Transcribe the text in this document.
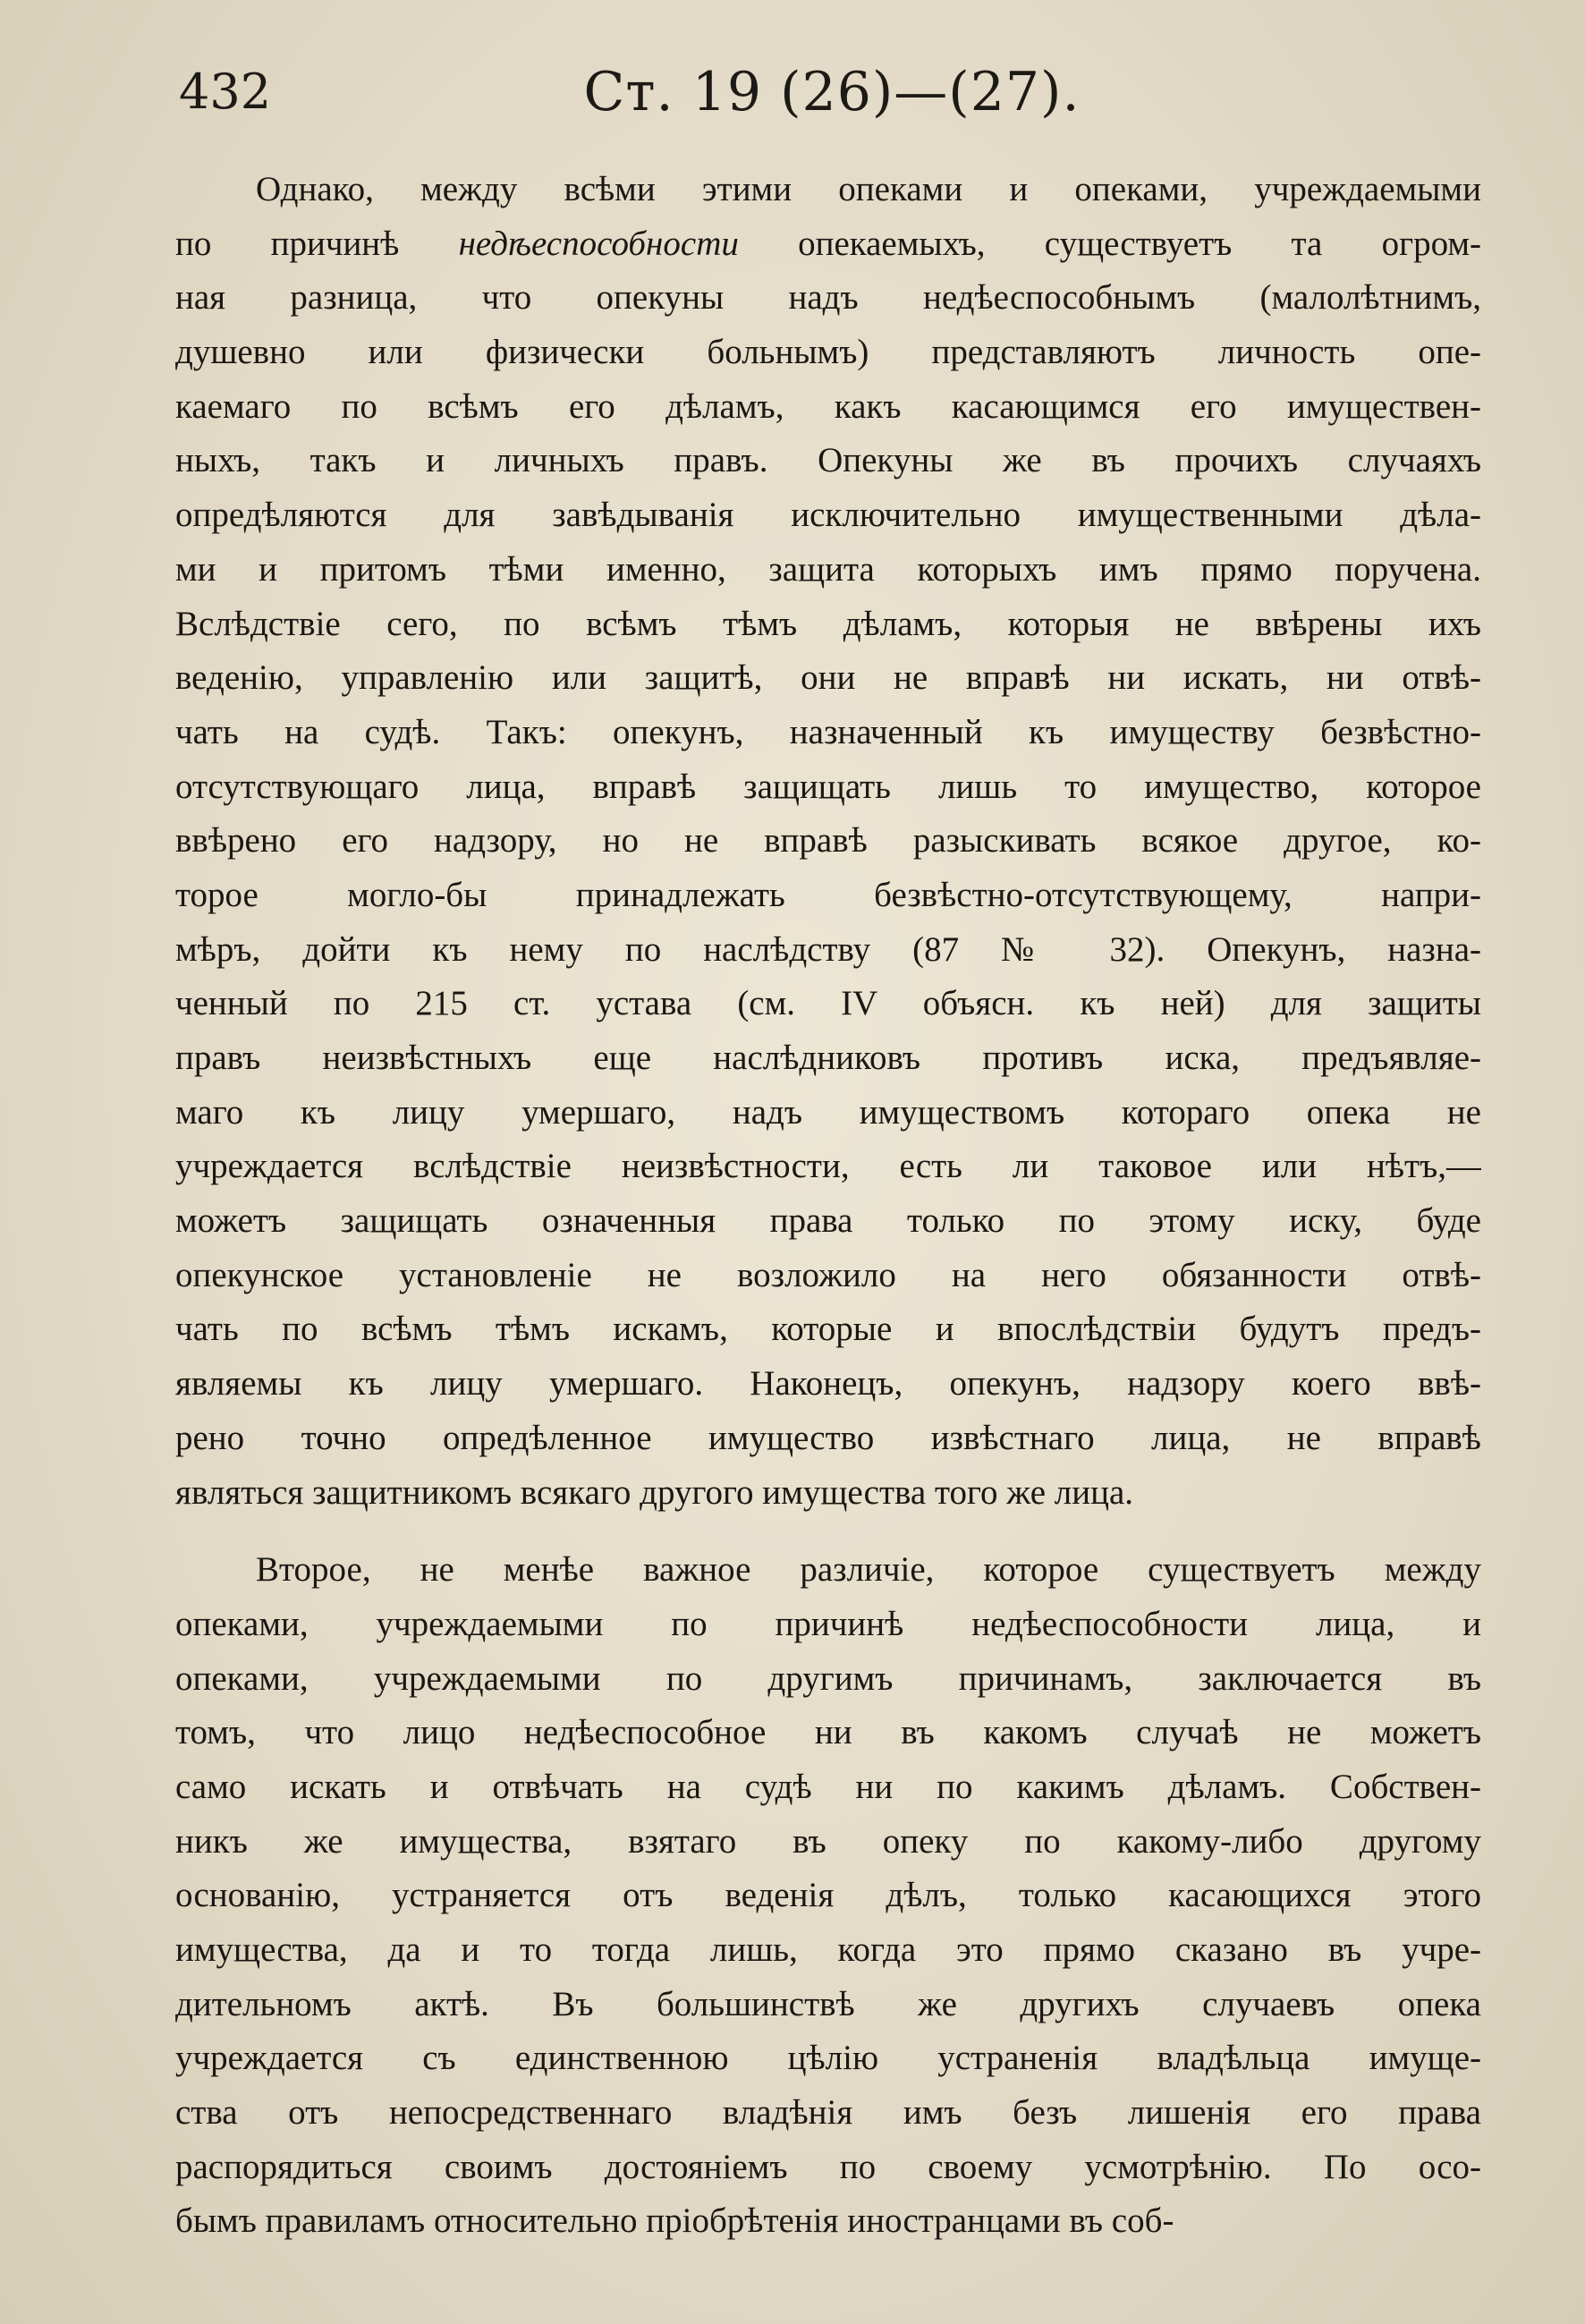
432	Ст. 19 (26)—(27).
Однако, между всѣми этими опеками и опеками, учреждаемыми
по причинѣ недѣеспособности опекаемыхъ, существуетъ та огром-
ная разница, что опекуны надъ недѣеспособнымъ (малолѣтнимъ,
душевно или физически больнымъ) представляютъ личность опе-
каемаго по всѣмъ его дѣламъ, какъ касающимся его имуществен-
ныхъ, такъ и личныхъ правъ. Опекуны же въ прочихъ случаяхъ
опредѣляются для завѣдыванія исключительно имущественными дѣла-
ми и притомъ тѣми именно, защита которыхъ имъ прямо поручена.
Вслѣдствіе сего, по всѣмъ тѣмъ дѣламъ, которыя не ввѣрены ихъ
веденію, управленію или защитѣ, они не вправѣ ни искать, ни отвѣ-
чать на судѣ. Такъ: опекунъ, назначенный къ имуществу безвѣстно-
отсутствующаго лица, вправѣ защищать лишь то имущество, которое
ввѣрено его надзору, но не вправѣ разыскивать всякое другое, ко-
торое могло-бы принадлежать безвѣстно-отсутствующему, напри-
мѣръ, дойти къ нему по наслѣдству (87 № 32). Опекунъ, назна-
ченный по 215 ст. устава (см. IV объясн. къ ней) для защиты
правъ неизвѣстныхъ еще наслѣдниковъ противъ иска, предъявляе-
маго къ лицу умершаго, надъ имуществомъ котораго опека не
учреждается вслѣдствіе неизвѣстности, есть ли таковое или нѣтъ,—
можетъ защищать означенныя права только по этому иску, буде
опекунское установленіе не возложило на него обязанности отвѣ-
чать по всѣмъ тѣмъ искамъ, которые и впослѣдствіи будутъ предъ-
являемы къ лицу умершаго. Наконецъ, опекунъ, надзору коего ввѣ-
рено точно опредѣленное имущество извѣстнаго лица, не вправѣ
являться защитникомъ всякаго другого имущества того же лица.
Второе, не менѣе важное различіе, которое существуетъ между
опеками, учреждаемыми по причинѣ недѣеспособности лица, и
опеками, учреждаемыми по другимъ причинамъ, заключается въ
томъ, что лицо недѣеспособное ни въ какомъ случаѣ не можетъ
само искать и отвѣчать на судѣ ни по какимъ дѣламъ. Собствен-
никъ же имущества, взятаго въ опеку по какому-либо другому
основанію, устраняется отъ веденія дѣлъ, только касающихся этого
имущества, да и то тогда лишь, когда это прямо сказано въ учре-
дительномъ актѣ. Въ большинствѣ же другихъ случаевъ опека
учреждается съ единственною цѣлію устраненія владѣльца имуще-
ства отъ непосредственнаго владѣнія имъ безъ лишенія его права
распорядиться своимъ достояніемъ по своему усмотрѣнію. По осо-
бымъ правиламъ относительно пріобрѣтенія иностранцами въ соб-
